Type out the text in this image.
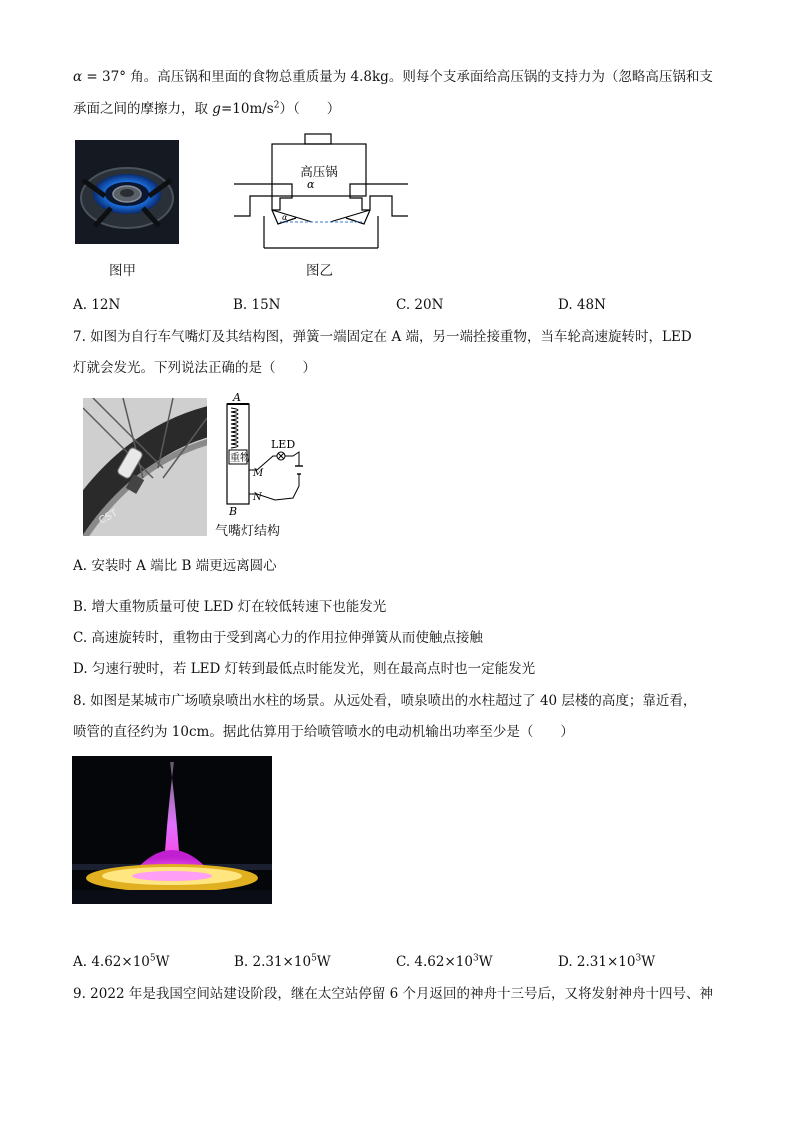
α = 37° 角。高压锅和里面的食物总重质量为 4.8kg。则每个支承面给高压锅的支持力为（忽略高压锅和支
承面之间的摩擦力，取 $g=10m/s^2$）（　　）
图甲
高压锅
α
α
图乙
A. 12N	B. 15N	C. 20N	D. 48N
7. 如图为自行车气嘴灯及其结构图，弹簧一端固定在 A 端，另一端拴接重物，当车轮高速旋转时，LED
灯就会发光。下列说法正确的是（　　）
CST
重物
A
B
M
N
LED
气嘴灯结构
A. 安装时 A 端比 B 端更远离圆心
B. 增大重物质量可使 LED 灯在较低转速下也能发光
C. 高速旋转时，重物由于受到离心力的作用拉伸弹簧从而使触点接触
D. 匀速行驶时，若 LED 灯转到最低点时能发光，则在最高点时也一定能发光
8. 如图是某城市广场喷泉喷出水柱的场景。从远处看，喷泉喷出的水柱超过了 40 层楼的高度；靠近看，
喷管的直径约为 10cm。据此估算用于给喷管喷水的电动机输出功率至少是（　　）
A. $4.62\times 10^5W$	B. $2.31\times 10^5W$	C. $4.62\times 10^3W$	D. $2.31\times 10^3W$
9. 2022 年是我国空间站建设阶段，继在太空站停留 6 个月返回的神舟十三号后，又将发射神舟十四号、神
